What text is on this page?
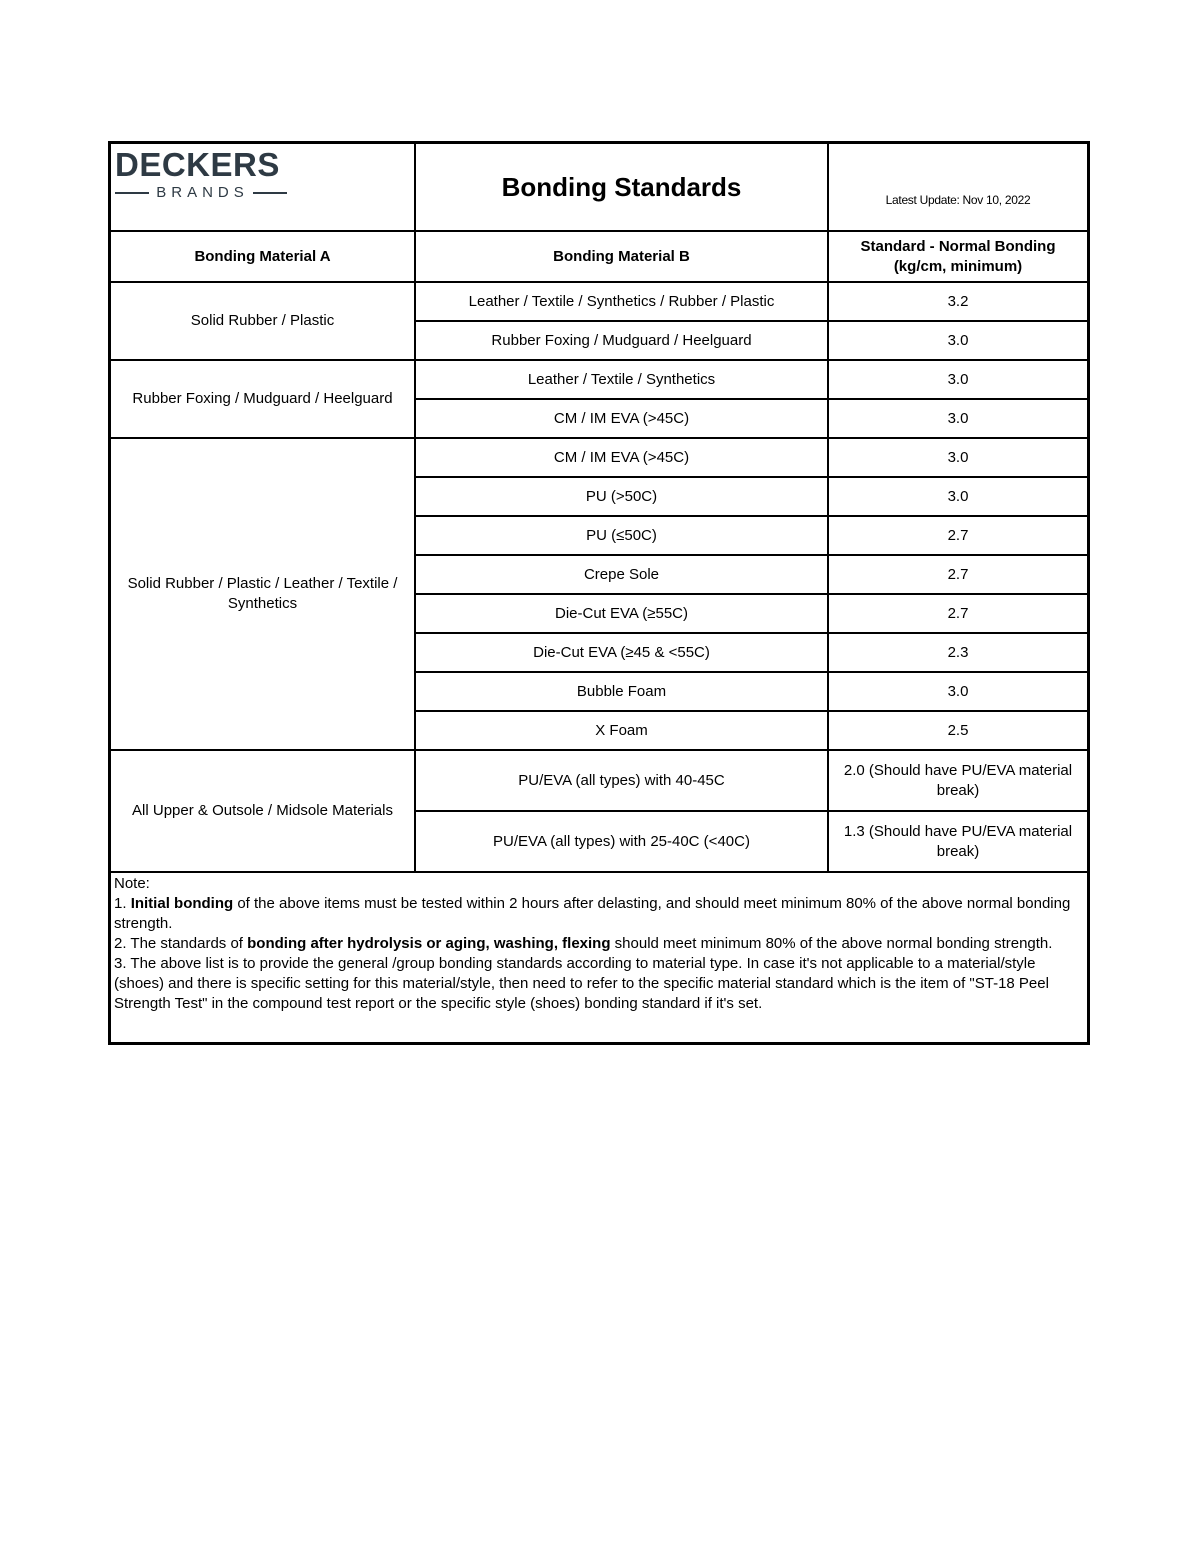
DECKERS
BRANDS	Bonding Standards	Latest Update: Nov 10, 2022
Bonding Material A	Bonding Material B	Standard - Normal Bonding
(kg/cm, minimum)
Solid Rubber / Plastic	Leather / Textile / Synthetics / Rubber / Plastic	3.2
	Rubber Foxing / Mudguard / Heelguard	3.0
Rubber Foxing / Mudguard / Heelguard	Leather / Textile / Synthetics	3.0
	CM / IM EVA (>45C)	3.0
Solid Rubber / Plastic / Leather / Textile / Synthetics	CM / IM EVA (>45C)	3.0
	PU (>50C)	3.0
	PU (≤50C)	2.7
	Crepe Sole	2.7
	Die-Cut EVA (≥55C)	2.7
	Die-Cut EVA (≥45 & <55C)	2.3
	Bubble Foam	3.0
	X Foam	2.5
All Upper & Outsole / Midsole Materials	PU/EVA (all types) with 40-45C	2.0 (Should have PU/EVA material break)
	PU/EVA (all types) with 25-40C (<40C)	1.3 (Should have PU/EVA material break)

Note:

1. Initial bonding of the above items must be tested within 2 hours after delasting, and should meet minimum 80% of the above normal bonding strength.

2. The standards of bonding after hydrolysis or aging, washing, flexing should meet minimum 80% of the above normal bonding strength.

3. The above list is to provide the general /group bonding standards according to material type. In case it's not applicable to a material/style (shoes) and there is specific setting for this material/style, then need to refer to the specific material standard which is the item of "ST-18 Peel Strength Test" in the compound test report or the specific style (shoes) bonding standard if it's set.
